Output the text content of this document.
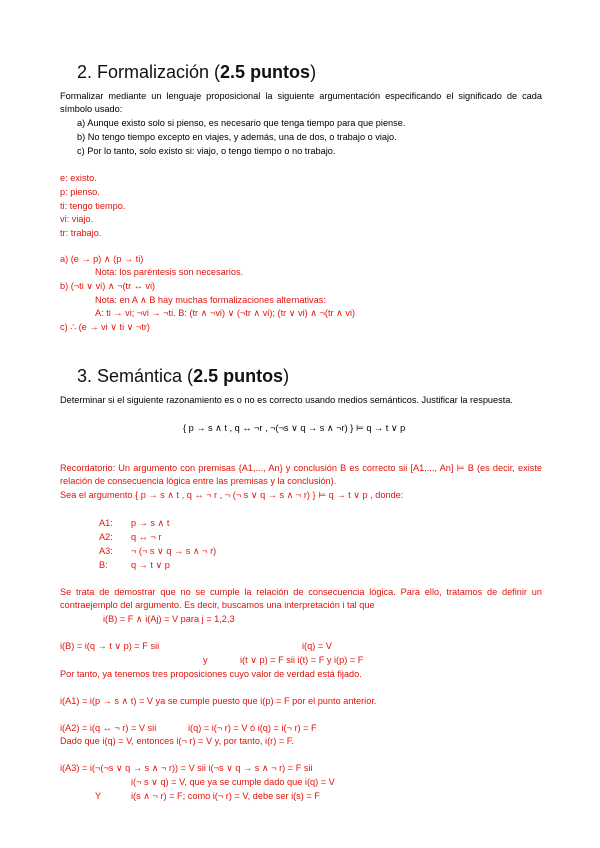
2. Formalización (2.5 puntos)
Formalizar mediante un lenguaje proposicional la siguiente argumentación especificando el significado de cada símbolo usado:
a) Aunque existo solo si pienso, es necesario que tenga tiempo para que piense.
b) No tengo tiempo excepto en viajes, y además, una de dos, o trabajo o viajo.
c) Por lo tanto, solo existo si: viajo, o tengo tiempo o no trabajo.
e: existo.
p: pienso.
ti: tengo tiempo.
vi: viajo.
tr: trabajo.
a) (e → p) ∧ (p → ti)
Nota: los paréntesis son necesarios.
b) (¬ti ∨ vi) ∧ ¬(tr ↔ vi)
Nota: en A ∧ B hay muchas formalizaciones alternativas:
A: ti → vi; ¬vi → ¬ti. B: (tr ∧ ¬vi) ∨ (¬tr ∧ vi); (tr ∨ vi) ∧ ¬(tr ∧ vi)
c) ∴ (e → vi ∨ ti ∨ ¬tr)
3. Semántica (2.5 puntos)
Determinar si el siguiente razonamiento es o no es correcto usando medios semánticos. Justificar la respuesta.
{ p → s ∧ t , q ↔ ¬r , ¬(¬s ∨ q → s ∧ ¬r) } ⊨ q → t ∨ p
Recordatorio: Un argumento con premisas {A1,..., An} y conclusión B es correcto sii [A1,..., An] ⊨ B (es decir, existe relación de consecuencia lógica entre las premisas y la conclusión).
Sea el argumento { p → s ∧ t , q ↔ ¬ r , ¬ (¬ s ∨ q → s ∧ ¬ r) } ⊨ q → t ∨ p , donde:
A1: p → s ∧ t
A2: q ↔ ¬ r
A3: ¬ (¬ s ∨ q → s ∧ ¬ r)
B:	q → t ∨ p
Se trata de demostrar que no se cumple la relación de consecuencia lógica. Para ello, tratamos de definir un contraejemplo del argumento. Es decir, buscamos una interpretación i tal que
i(B) = F ∧ i(Aj) = V para j = 1,2,3
i(B) = i(q → t ∨ p) = F sii	i(q) = V
y	i(t ∨ p) = F sii i(t) = F y i(p) = F
Por tanto, ya tenemos tres proposiciones cuyo valor de verdad está fijado.
i(A1) = i(p → s ∧ t) = V ya se cumple puesto que i(p) = F por el punto anterior.
i(A2) = i(q ↔ ¬ r) = V sii	i(q) = i(¬ r) = V ó i(q) = i(¬ r) = F
Dado que i(q) = V, entonces i(¬ r) = V y, por tanto, i(r) = F.
i(A3) = i(¬(¬s ∨ q → s ∧ ¬ r)) = V sii i(¬s ∨ q → s ∧ ¬ r) = F sii
i(¬ s ∨ q) = V, que ya se cumple dado que i(q) = V
Y	i(s ∧ ¬ r) = F; como i(¬ r) = V, debe ser i(s) = F
